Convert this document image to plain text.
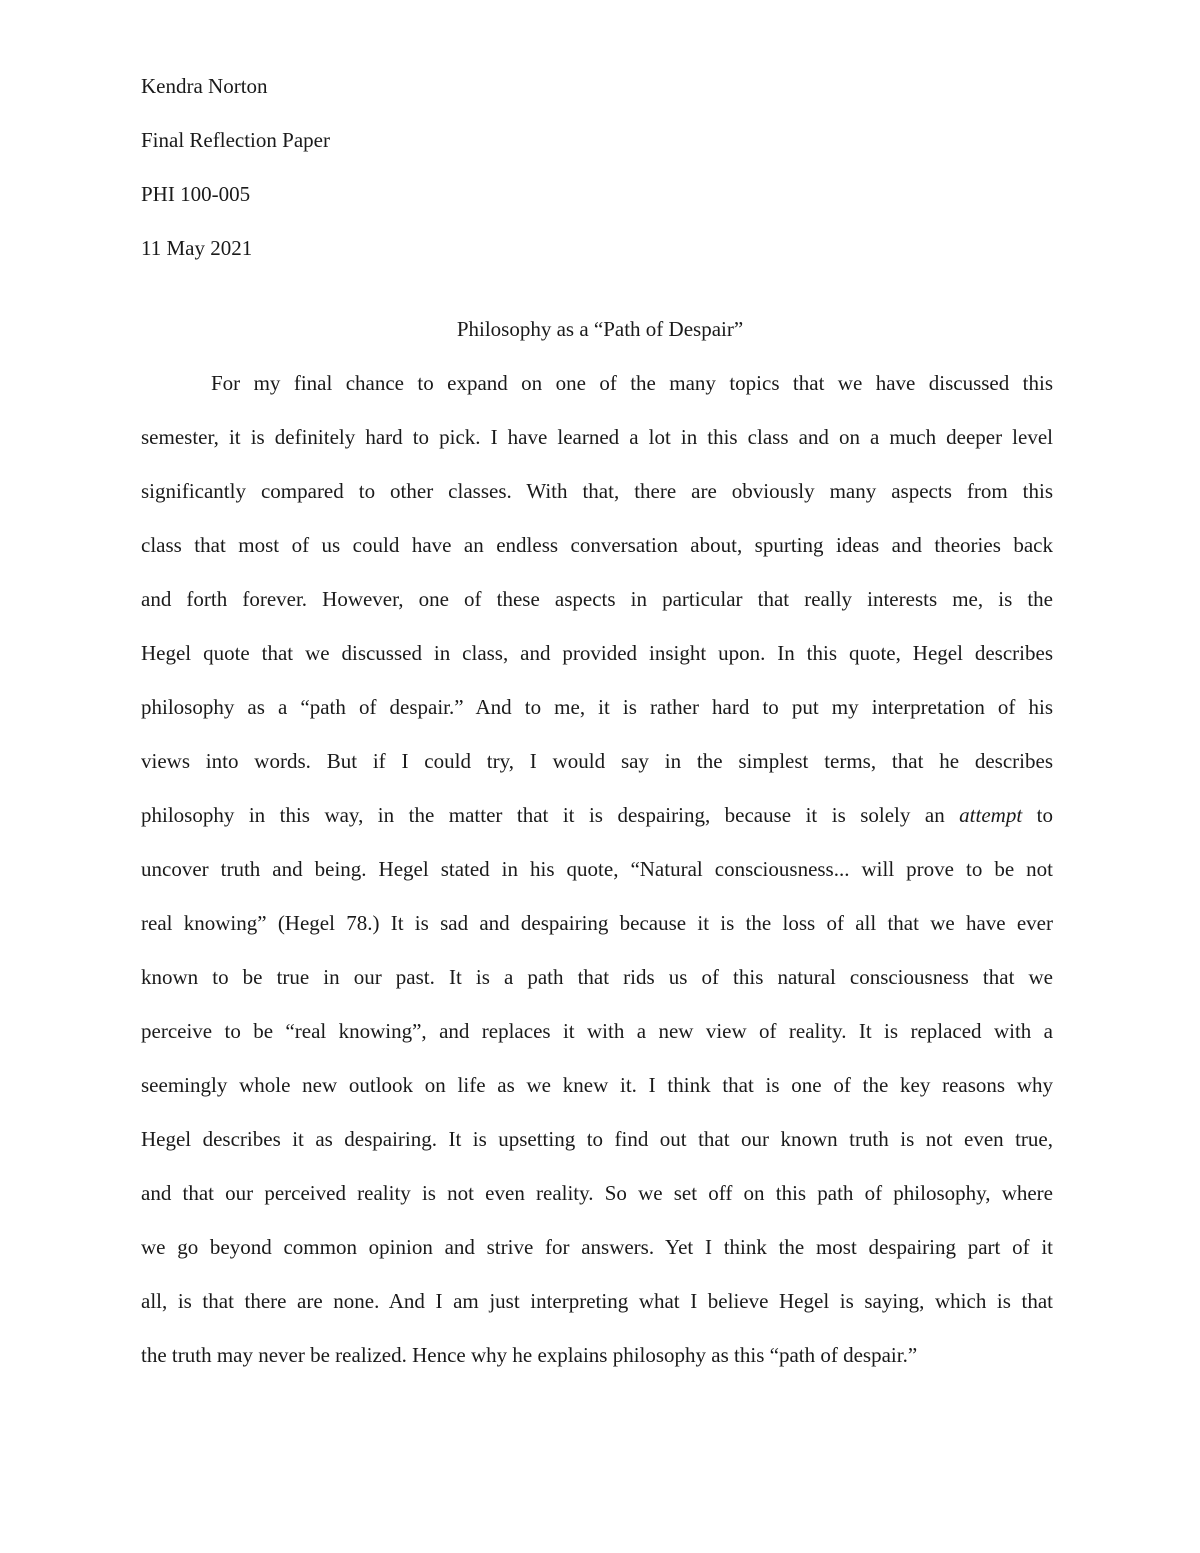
Kendra Norton
Final Reflection Paper
PHI 100-005
11 May 2021
Philosophy as a “Path of Despair”
For my final chance to expand on one of the many topics that we have discussed this
semester, it is definitely hard to pick. I have learned a lot in this class and on a much deeper level
significantly compared to other classes. With that, there are obviously many aspects from this
class that most of us could have an endless conversation about, spurting ideas and theories back
and forth forever. However, one of these aspects in particular that really interests me, is the
Hegel quote that we discussed in class, and provided insight upon. In this quote, Hegel describes
philosophy as a “path of despair.” And to me, it is rather hard to put my interpretation of his
views into words. But if I could try, I would say in the simplest terms, that he describes
philosophy in this way, in the matter that it is despairing, because it is solely an attempt to
uncover truth and being. Hegel stated in his quote, “Natural consciousness... will prove to be not
real knowing” (Hegel 78.) It is sad and despairing because it is the loss of all that we have ever
known to be true in our past. It is a path that rids us of this natural consciousness that we
perceive to be “real knowing”, and replaces it with a new view of reality. It is replaced with a
seemingly whole new outlook on life as we knew it. I think that is one of the key reasons why
Hegel describes it as despairing. It is upsetting to find out that our known truth is not even true,
and that our perceived reality is not even reality. So we set off on this path of philosophy, where
we go beyond common opinion and strive for answers. Yet I think the most despairing part of it
all, is that there are none. And I am just interpreting what I believe Hegel is saying, which is that
the truth may never be realized. Hence why he explains philosophy as this “path of despair.”
